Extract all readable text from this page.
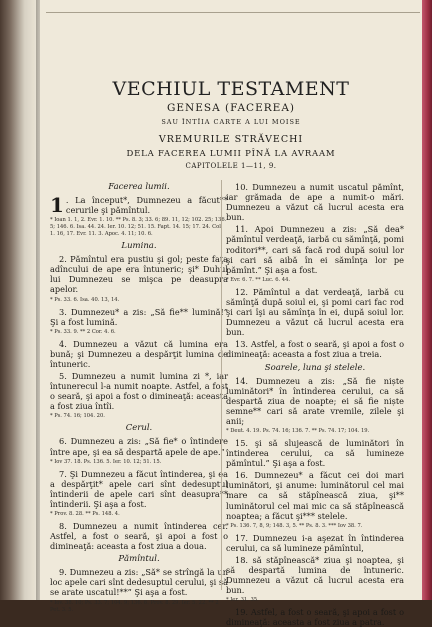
VECHIUL TESTAMENT
GENESA (FACEREA)
SAU ÎNTÎIA CARTE A LUI MOISE
VREMURILE STRĂVECHI
DELA FACEREA LUMII PÎNĂ LA AVRAAM
CAPITOLELE 1—11, 9.
Facerea lumii.

1 . La început*, Dumnezeu a făcut** cerurile şi pămîntul.

* Ioan 1. 1, 2. Evr. 1. 10. ** Ps. 8. 3; 33. 6; 89. 11, 12; 102. 25; 136. 5; 146. 6. Isa. 44. 24. Ier. 10. 12; 51. 15. Fapt. 14. 15; 17. 24. Col. 1. 16, 17. Evr. 11. 3. Apoc. 4. 11; 10. 6.
Lumina.

2. Pămîntul era pustiu şi gol; peste faţa adîncului de ape era întuneric; şi* Duhul lui Dumnezeu se mişca pe deasupra apelor.

* Ps. 33. 6. Isa. 40. 13, 14.

3. Dumnezeu* a zis: „Să fie** lumină!” Şi a fost lumină.

* Ps. 33. 9. ** 2 Cor. 4. 6.

4. Dumnezeu a văzut că lumina era bună; şi Dumnezeu a despărţit lumina de întuneric.

5. Dumnezeu a numit lumina zi *, iar întunerecul l-a numit noapte. Astfel, a fost o seară, şi apoi a fost o dimineaţă: aceasta a fost ziua întîi.

* Ps. 74. 16; 104. 20.
Cerul.

6. Dumnezeu a zis: „Să fie* o întindere între ape, şi ea să despartă apele de ape.”

* Iov 37. 18. Ps. 136. 5. Ier. 10. 12; 51. 15.

7. Şi Dumnezeu a făcut întinderea, şi ea a despărţit* apele cari sînt dedesuptul întinderii de apele cari sînt deasupra** întinderii. Şi aşa a fost.

* Prov. 8. 28. ** Ps. 148. 4.

8. Dumnezeu a numit întinderea cer. Astfel, a fost o seară, şi apoi a fost o dimineaţă: aceasta a fost ziua a doua.

Pămîntul.

9. Dumnezeu a zis: „Să* se strîngă la un loc apele cari sînt dedesuptul cerului, şi să se arate uscatul!**” Şi aşa a fost.

* Iov. 38. 10; Ps. 33. 7; 104. 9; 136. 6. Prov. 8. 29. Ier. 5. 22. ** 2 Pet. 3. 5.

10. Dumnezeu a numit uscatul pămînt, iar grămada de ape a numit-o mări. Dumnezeu a văzut că lucrul acesta era bun.

11. Apoi Dumnezeu a zis: „Să dea* pămîntul verdeaţă, iarbă cu sămînţă, pomi roditori**, cari să facă rod după soiul lor şi cari să aibă în ei sămînţa lor pe pămînt.” Şi aşa a fost.

* Evr. 6. 7. ** Luc. 6. 44.

12. Pămîntul a dat verdeaţă, iarbă cu sămînţă după soiul ei, şi pomi cari fac rod şi cari îşi au sămînţa în ei, după soiul lor. Dumnezeu a văzut că lucrul acesta era bun.

13. Astfel, a fost o seară, şi apoi a fost o dimineaţă: aceasta a fost ziua a treia.

Soarele, luna şi stelele.

14. Dumnezeu a zis: „Să fie niște luminători* în întinderea cerului, ca să despartă ziua de noapte; ei să fie niște semne** cari să arate vremile, zilele şi anii;

* Deut. 4. 19. Ps. 74. 16; 136. 7. ** Ps. 74. 17; 104. 19.

15. şi să slujească de luminători în întinderea cerului, ca să lumineze pămîntul.” Şi aşa a fost.

16. Dumnezeu* a făcut cei doi mari luminători, şi anume: luminătorul cel mai mare ca să stăpînească ziua, şi** luminătorul cel mai mic ca să stăpînească noaptea; a făcut şi*** stelele.

* Ps. 136. 7, 8, 9; 148. 3, 5. ** Ps. 8. 3. *** Iov 38. 7.

17. Dumnezeu i-a aşezat în întinderea cerului, ca să lumineze pămîntul,

18. să stăpînească* ziua şi noaptea, şi să despartă lumina de întuneric. Dumnezeu a văzut că lucrul acesta era bun.

* Ier. 31. 35.

19. Astfel, a fost o seară, şi apoi a fost o dimineaţă: aceasta a fost ziua a patra.
